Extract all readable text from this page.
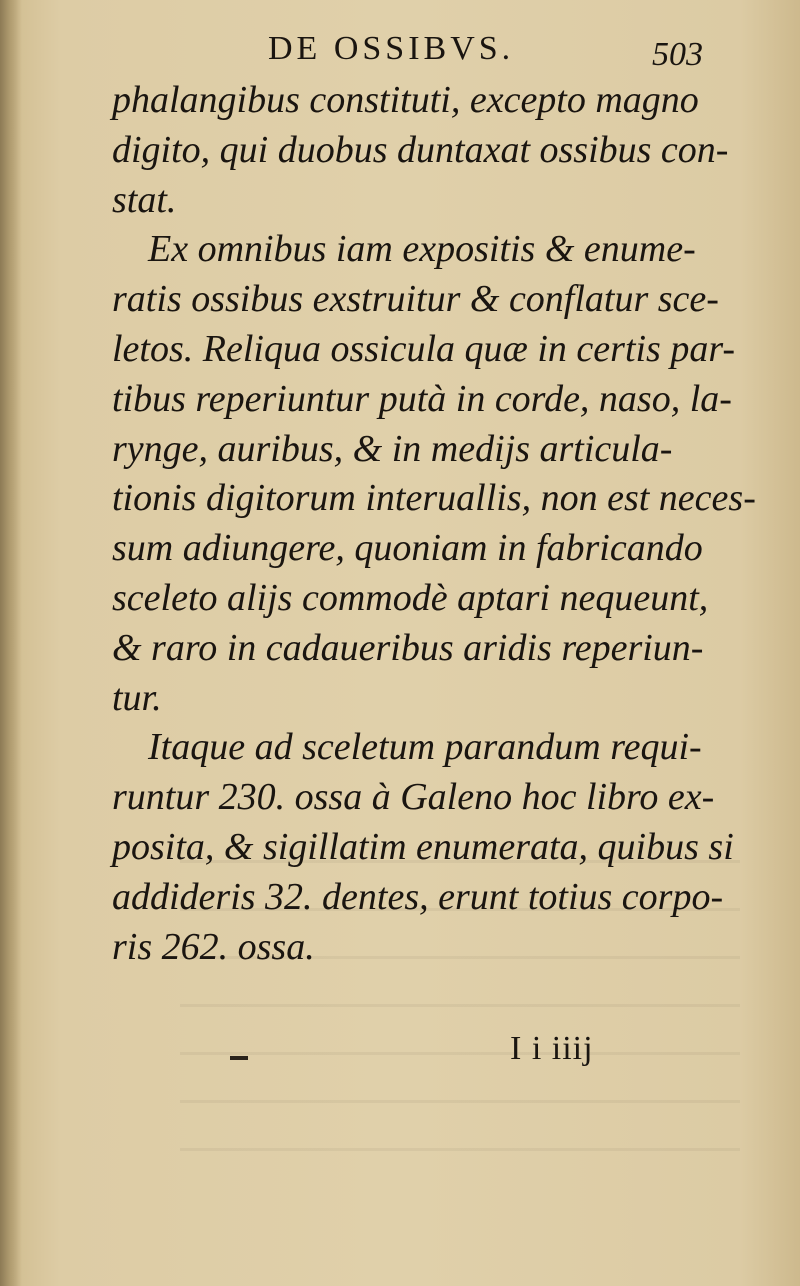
DE OSSIBVS.	503
phalangibus constituti, excepto magno
digito, qui duobus duntaxat ossibus con-
stat.
Ex omnibus iam expositis & enume-
ratis ossibus exstruitur & conflatur sce-
letos. Reliqua ossicula quæ in certis par-
tibus reperiuntur putà in corde, naso, la-
rynge, auribus, & in medijs articula-
tionis digitorum interuallis, non est neces-
sum adiungere, quoniam in fabricando
sceleto alijs commodè aptari nequeunt,
& raro in cadaueribus aridis reperiun-
tur.
Itaque ad sceletum parandum requi-
runtur 230. ossa à Galeno hoc libro ex-
posita, & sigillatim enumerata, quibus si
addideris 32. dentes, erunt totius corpo-
ris 262. ossa.
I i iiij
